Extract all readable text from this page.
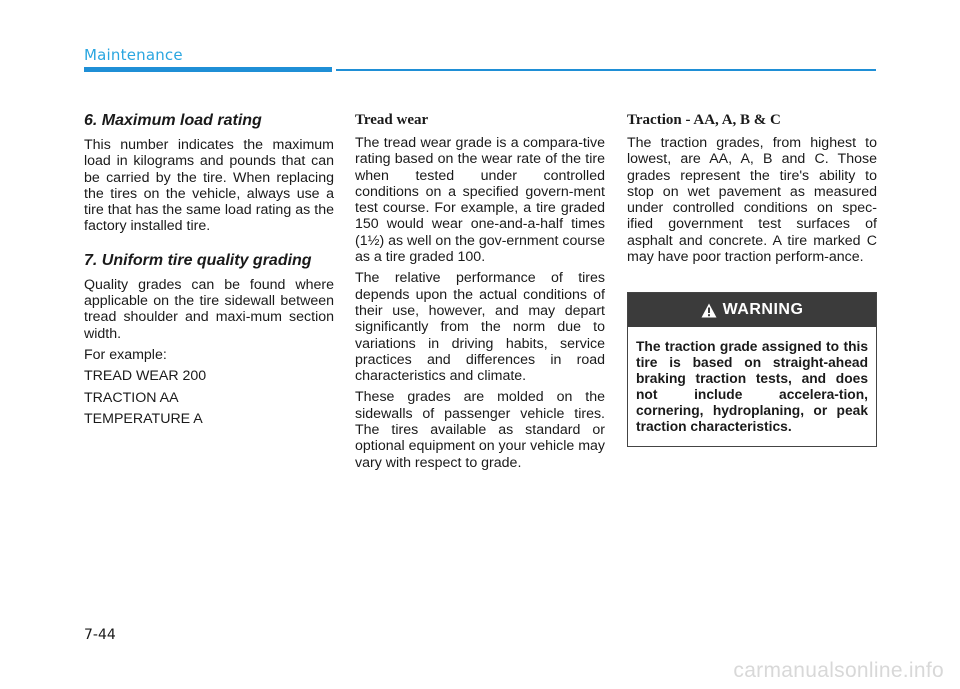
Maintenance
6. Maximum load rating

This number indicates the maximum load in kilograms and pounds that can be carried by the tire. When replacing the tires on the vehicle, always use a tire that has the same load rating as the factory installed tire.

7. Uniform tire quality grading

Quality grades can be found where applicable on the tire sidewall between tread shoulder and maxi-mum section width.

For example:

TREAD WEAR 200

TRACTION AA

TEMPERATURE A

Tread wear

The tread wear grade is a compara-tive rating based on the wear rate of the tire when tested under controlled conditions on a specified govern-ment test course. For example, a tire graded 150 would wear one-and-a-half times (1½) as well on the gov-ernment course as a tire graded 100.

The relative performance of tires depends upon the actual conditions of their use, however, and may depart significantly from the norm due to variations in driving habits, service practices and differences in road characteristics and climate.

These grades are molded on the sidewalls of passenger vehicle tires. The tires available as standard or optional equipment on your vehicle may vary with respect to grade.

Traction - AA, A, B & C

The traction grades, from highest to lowest, are AA, A, B and C. Those grades represent the tire's ability to stop on wet pavement as measured under controlled conditions on spec-ified government test surfaces of asphalt and concrete. A tire marked C may have poor traction perform-ance.

WARNING
The traction grade assigned to this tire is based on straight-ahead braking traction tests, and does not include accelera-tion, cornering, hydroplaning, or peak traction characteristics.
7-44
carmanualsonline.info
